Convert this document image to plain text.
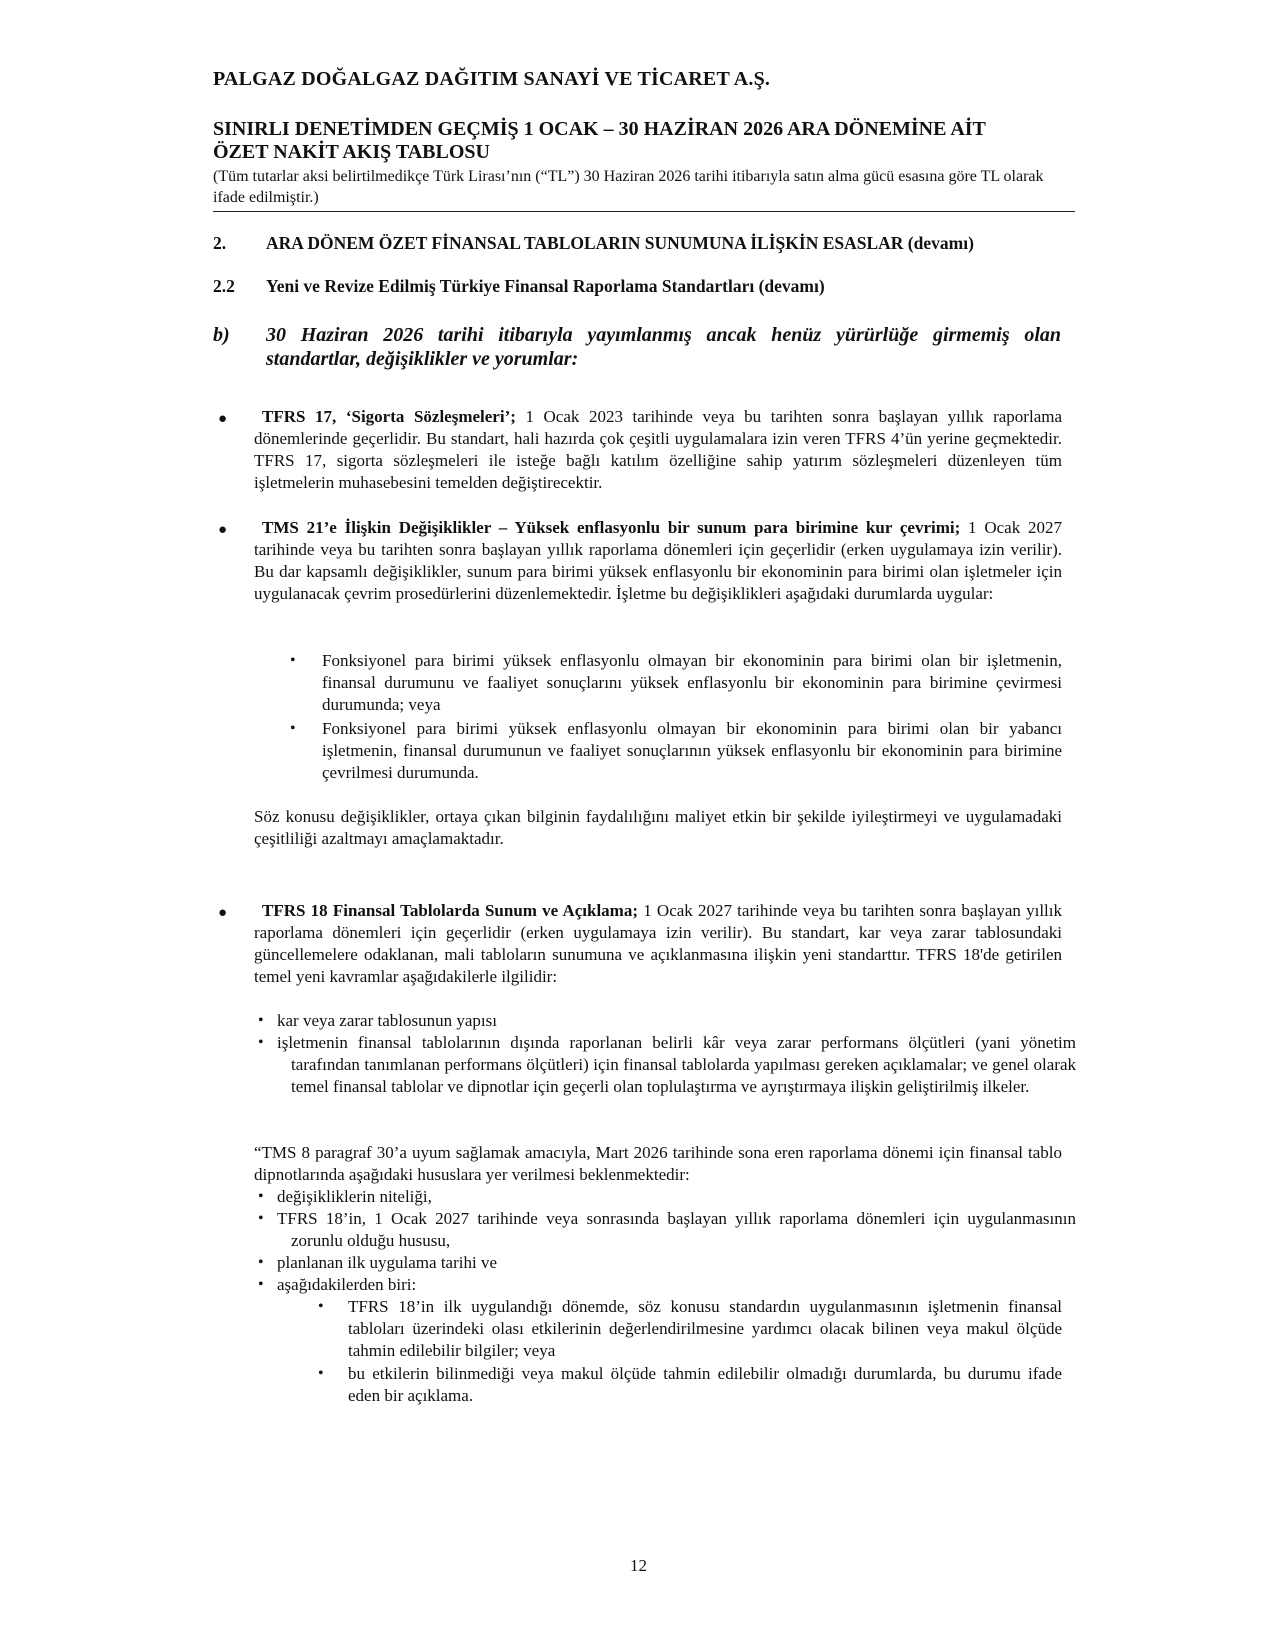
PALGAZ DOĞALGAZ DAĞITIM SANAYİ VE TİCARET A.Ş.
SINIRLI DENETİMDEN GEÇMİŞ 1 OCAK – 30 HAZİRAN 2026 ARA DÖNEMİNE AİT
ÖZET NAKİT AKIŞ TABLOSU
(Tüm tutarlar aksi belirtilmedikçe Türk Lirası’nın (“TL”) 30 Haziran 2026 tarihi itibarıyla satın alma gücü esasına göre TL olarak ifade edilmiştir.)
2. ARA DÖNEM ÖZET FİNANSAL TABLOLARIN SUNUMUNA İLİŞKİN ESASLAR (devamı)
2.2 Yeni ve Revize Edilmiş Türkiye Finansal Raporlama Standartları (devamı)
b) 30 Haziran 2026 tarihi itibarıyla yayımlanmış ancak henüz yürürlüğe girmemiş olan standartlar, değişiklikler ve yorumlar:
●	TFRS 17, ‘Sigorta Sözleşmeleri’; 1 Ocak 2023 tarihinde veya bu tarihten sonra başlayan yıllık raporlama dönemlerinde geçerlidir. Bu standart, hali hazırda çok çeşitli uygulamalara izin veren TFRS 4’ün yerine geçmektedir. TFRS 17, sigorta sözleşmeleri ile isteğe bağlı katılım özelliğine sahip yatırım sözleşmeleri düzenleyen tüm işletmelerin muhasebesini temelden değiştirecektir.
●	TMS 21’e İlişkin Değişiklikler – Yüksek enflasyonlu bir sunum para birimine kur çevrimi; 1 Ocak 2027 tarihinde veya bu tarihten sonra başlayan yıllık raporlama dönemleri için geçerlidir (erken uygulamaya izin verilir). Bu dar kapsamlı değişiklikler, sunum para birimi yüksek enflasyonlu bir ekonominin para birimi olan işletmeler için uygulanacak çevrim prosedürlerini düzenlemektedir. İşletme bu değişiklikleri aşağıdaki durumlarda uygular:
• Fonksiyonel para birimi yüksek enflasyonlu olmayan bir ekonominin para birimi olan bir işletmenin, finansal durumunu ve faaliyet sonuçlarını yüksek enflasyonlu bir ekonominin para birimine çevirmesi durumunda; veya
• Fonksiyonel para birimi yüksek enflasyonlu olmayan bir ekonominin para birimi olan bir yabancı işletmenin, finansal durumunun ve faaliyet sonuçlarının yüksek enflasyonlu bir ekonominin para birimine çevrilmesi durumunda.
Söz konusu değişiklikler, ortaya çıkan bilginin faydalılığını maliyet etkin bir şekilde iyileştirmeyi ve uygulamadaki çeşitliliği azaltmayı amaçlamaktadır.
●	TFRS 18 Finansal Tablolarda Sunum ve Açıklama; 1 Ocak 2027 tarihinde veya bu tarihten sonra başlayan yıllık raporlama dönemleri için geçerlidir (erken uygulamaya izin verilir). Bu standart, kar veya zarar tablosundaki güncellemelere odaklanan, mali tabloların sunumuna ve açıklanmasına ilişkin yeni standarttır. TFRS 18'de getirilen temel yeni kavramlar aşağıdakilerle ilgilidir:
• kar veya zarar tablosunun yapısı
• işletmenin finansal tablolarının dışında raporlanan belirli kâr veya zarar performans ölçütleri (yani yönetim tarafından tanımlanan performans ölçütleri) için finansal tablolarda yapılması gereken açıklamalar; ve genel olarak temel finansal tablolar ve dipnotlar için geçerli olan toplulaştırma ve ayrıştırmaya ilişkin geliştirilmiş ilkeler.
“TMS 8 paragraf 30’a uyum sağlamak amacıyla, Mart 2026 tarihinde sona eren raporlama dönemi için finansal tablo dipnotlarında aşağıdaki hususlara yer verilmesi beklenmektedir:
• değişikliklerin niteliği,
• TFRS 18’in, 1 Ocak 2027 tarihinde veya sonrasında başlayan yıllık raporlama dönemleri için uygulanmasının zorunlu olduğu hususu,
• planlanan ilk uygulama tarihi ve
• aşağıdakilerden biri:
• TFRS 18’in ilk uygulandığı dönemde, söz konusu standardın uygulanmasının işletmenin finansal tabloları üzerindeki olası etkilerinin değerlendirilmesine yardımcı olacak bilinen veya makul ölçüde tahmin edilebilir bilgiler; veya
• bu etkilerin bilinmediği veya makul ölçüde tahmin edilebilir olmadığı durumlarda, bu durumu ifade eden bir açıklama.
12
